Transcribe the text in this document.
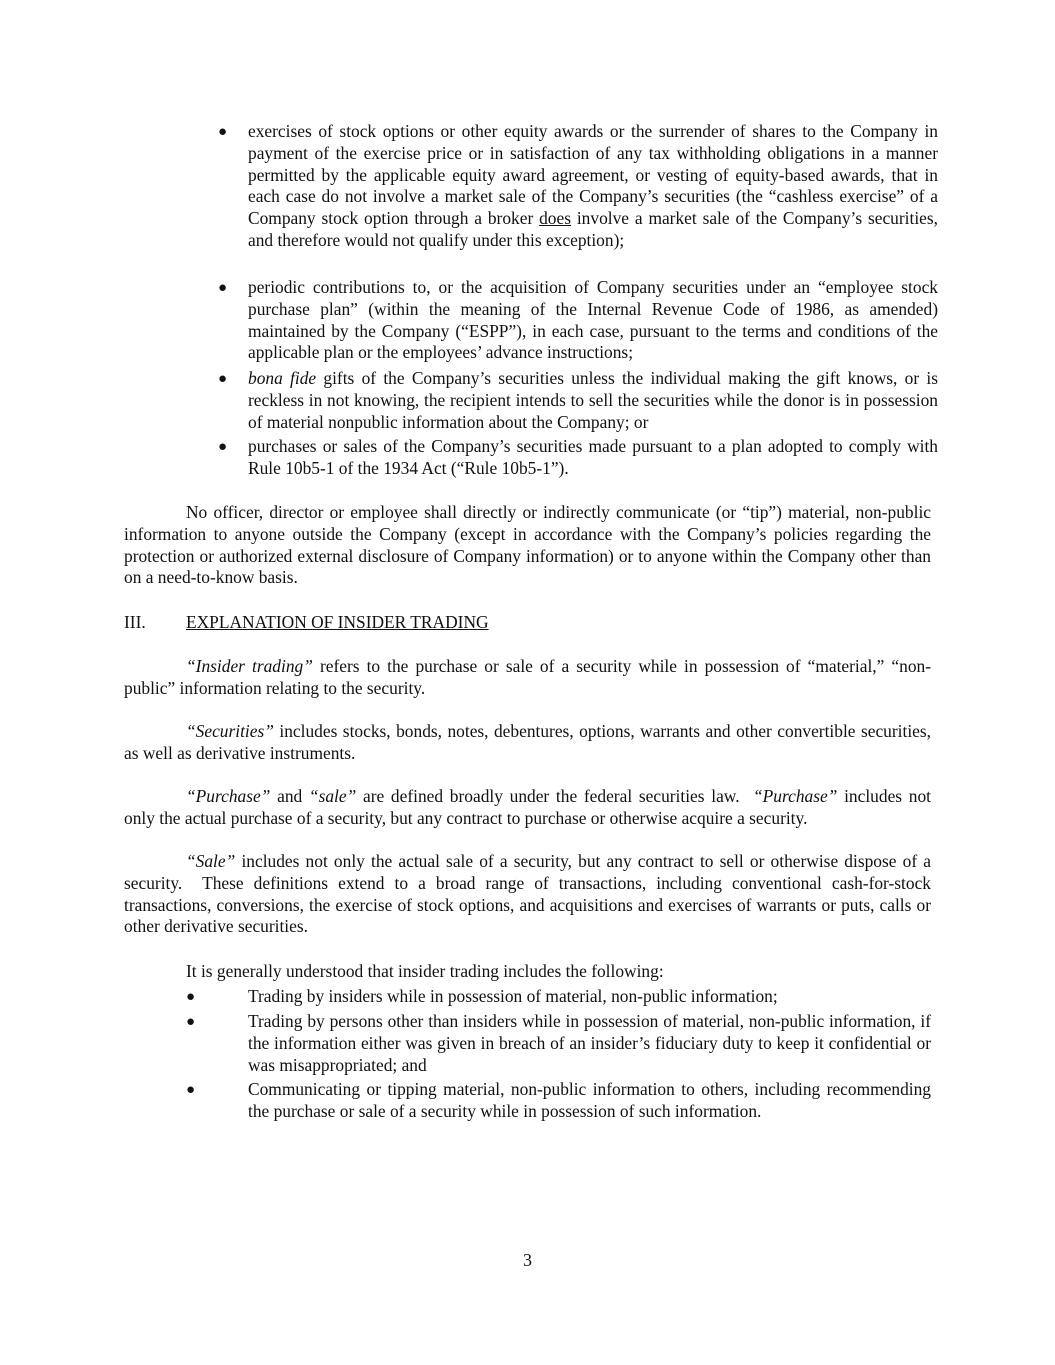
● exercises of stock options or other equity awards or the surrender of shares to the Company in payment of the exercise price or in satisfaction of any tax withholding obligations in a manner permitted by the applicable equity award agreement, or vesting of equity-based awards, that in each case do not involve a market sale of the Company’s securities (the “cashless exercise” of a Company stock option through a broker does involve a market sale of the Company’s securities, and therefore would not qualify under this exception);
● periodic contributions to, or the acquisition of Company securities under an “employee stock purchase plan” (within the meaning of the Internal Revenue Code of 1986, as amended) maintained by the Company (“ESPP”), in each case, pursuant to the terms and conditions of the applicable plan or the employees’ advance instructions;
● bona fide gifts of the Company’s securities unless the individual making the gift knows, or is reckless in not knowing, the recipient intends to sell the securities while the donor is in possession of material nonpublic information about the Company; or
● purchases or sales of the Company’s securities made pursuant to a plan adopted to comply with Rule 10b5-1 of the 1934 Act (“Rule 10b5-1”).
No officer, director or employee shall directly or indirectly communicate (or “tip”) material, non-public information to anyone outside the Company (except in accordance with the Company’s policies regarding the protection or authorized external disclosure of Company information) or to anyone within the Company other than on a need-to-know basis.
III. EXPLANATION OF INSIDER TRADING
“Insider trading” refers to the purchase or sale of a security while in possession of “material,” “non-public” information relating to the security.
“Securities” includes stocks, bonds, notes, debentures, options, warrants and other convertible securities, as well as derivative instruments.
“Purchase” and “sale” are defined broadly under the federal securities law.  “Purchase” includes not only the actual purchase of a security, but any contract to purchase or otherwise acquire a security.
“Sale” includes not only the actual sale of a security, but any contract to sell or otherwise dispose of a security.  These definitions extend to a broad range of transactions, including conventional cash-for-stock transactions, conversions, the exercise of stock options, and acquisitions and exercises of warrants or puts, calls or other derivative securities.
It is generally understood that insider trading includes the following:
●	Trading by insiders while in possession of material, non-public information;
●	Trading by persons other than insiders while in possession of material, non-public information, if the information either was given in breach of an insider’s fiduciary duty to keep it confidential or was misappropriated; and
●	Communicating or tipping material, non-public information to others, including recommending the purchase or sale of a security while in possession of such information.
3
